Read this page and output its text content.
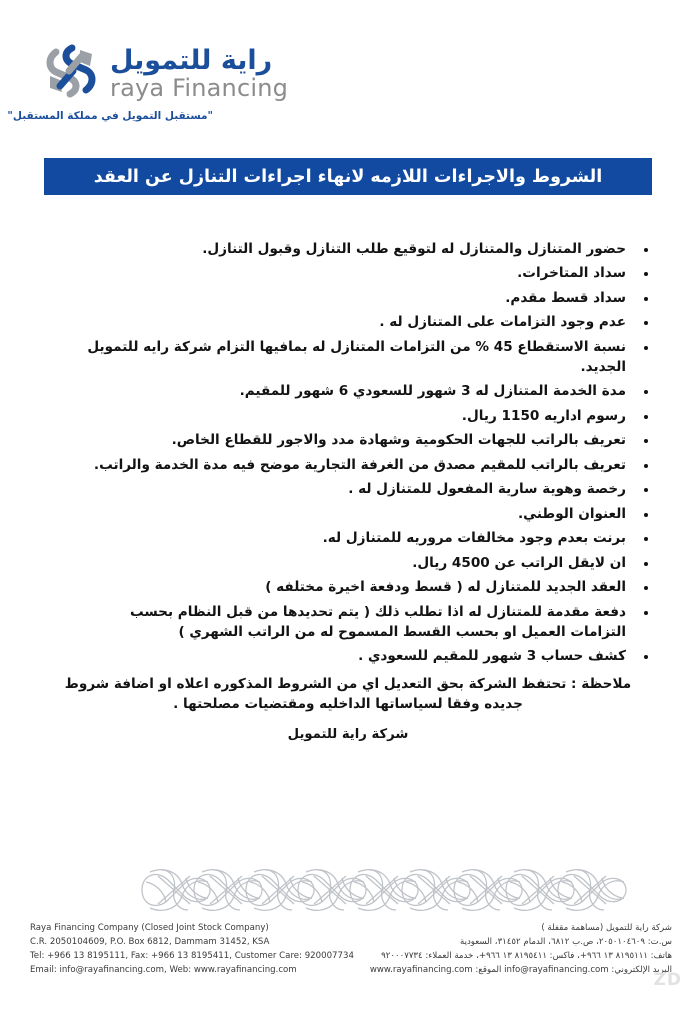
راية للتمويل
raya Financing
"مستقبل التمويل في مملكة المستقبل"
الشروط والاجراءات اللازمه لانهاء اجراءات التنازل عن العقد
حضور المتنازل والمتنازل له لتوقيع طلب التنازل وقبول التنازل.
سداد المتاخرات.
سداد قسط مقدم.
عدم وجود التزامات على المتنازل له .
نسبة الاستقطاع 45 % من التزامات المتنازل له بمافيها التزام شركة رايه للتمويل الجديد.
مدة الخدمة المتنازل له 3 شهور للسعودي 6 شهور للمقيم.
رسوم اداريه 1150 ريال.
تعريف بالراتب للجهات الحكومية وشهادة مدد والاجور للقطاع الخاص.
تعريف بالراتب للمقيم مصدق من الغرفة التجارية موضح فيه مدة الخدمة والراتب.
رخصة وهوية سارية المفعول للمتنازل له .
العنوان الوطني.
برنت بعدم وجود مخالفات مروريه للمتنازل له.
ان لايقل الراتب عن 4500 ريال.
العقد الجديد للمتنازل له ( قسط ودفعة اخيرة مختلفه )
دفعة مقدمة للمتنازل له اذا تطلب ذلك ( يتم تحديدها من قبل النظام بحسب التزامات العميل او بحسب القسط المسموح له من الراتب الشهري )
كشف حساب 3 شهور للمقيم للسعودي .
ملاحظة : تحتفظ الشركة بحق التعديل اي من الشروط المذكوره اعلاه او اضافة شروط جديده وفقا لسياساتها الداخليه ومقتضيات مصلحتها .
شركة راية للتمويل
Raya Financing Company (Closed Joint Stock Company)
C.R. 2050104609, P.O. Box 6812, Dammam 31452, KSA
Tel: +966 13 8195111, Fax: +966 13 8195411, Customer Care: 920007734
Email: info@rayafinancing.com, Web: www.rayafinancing.com
شركة راية للتمويل (مساهمة مقفلة )
س.ت: ٢٠٥٠١٠٤٦٠٩، ص.ب ٦٨١٢، الدمام ٣١٤٥٢، السعودية
هاتف: ٨١٩٥١١١ ١٣ ٩٦٦+، فاكس: ٨١٩٥٤١١ ١٣ ٩٦٦+، خدمة العملاء: ٩٢٠٠٠٧٧٣٤
البريد الإلكتروني: info@rayafinancing.com الموقع: www.rayafinancing.com
ZD
